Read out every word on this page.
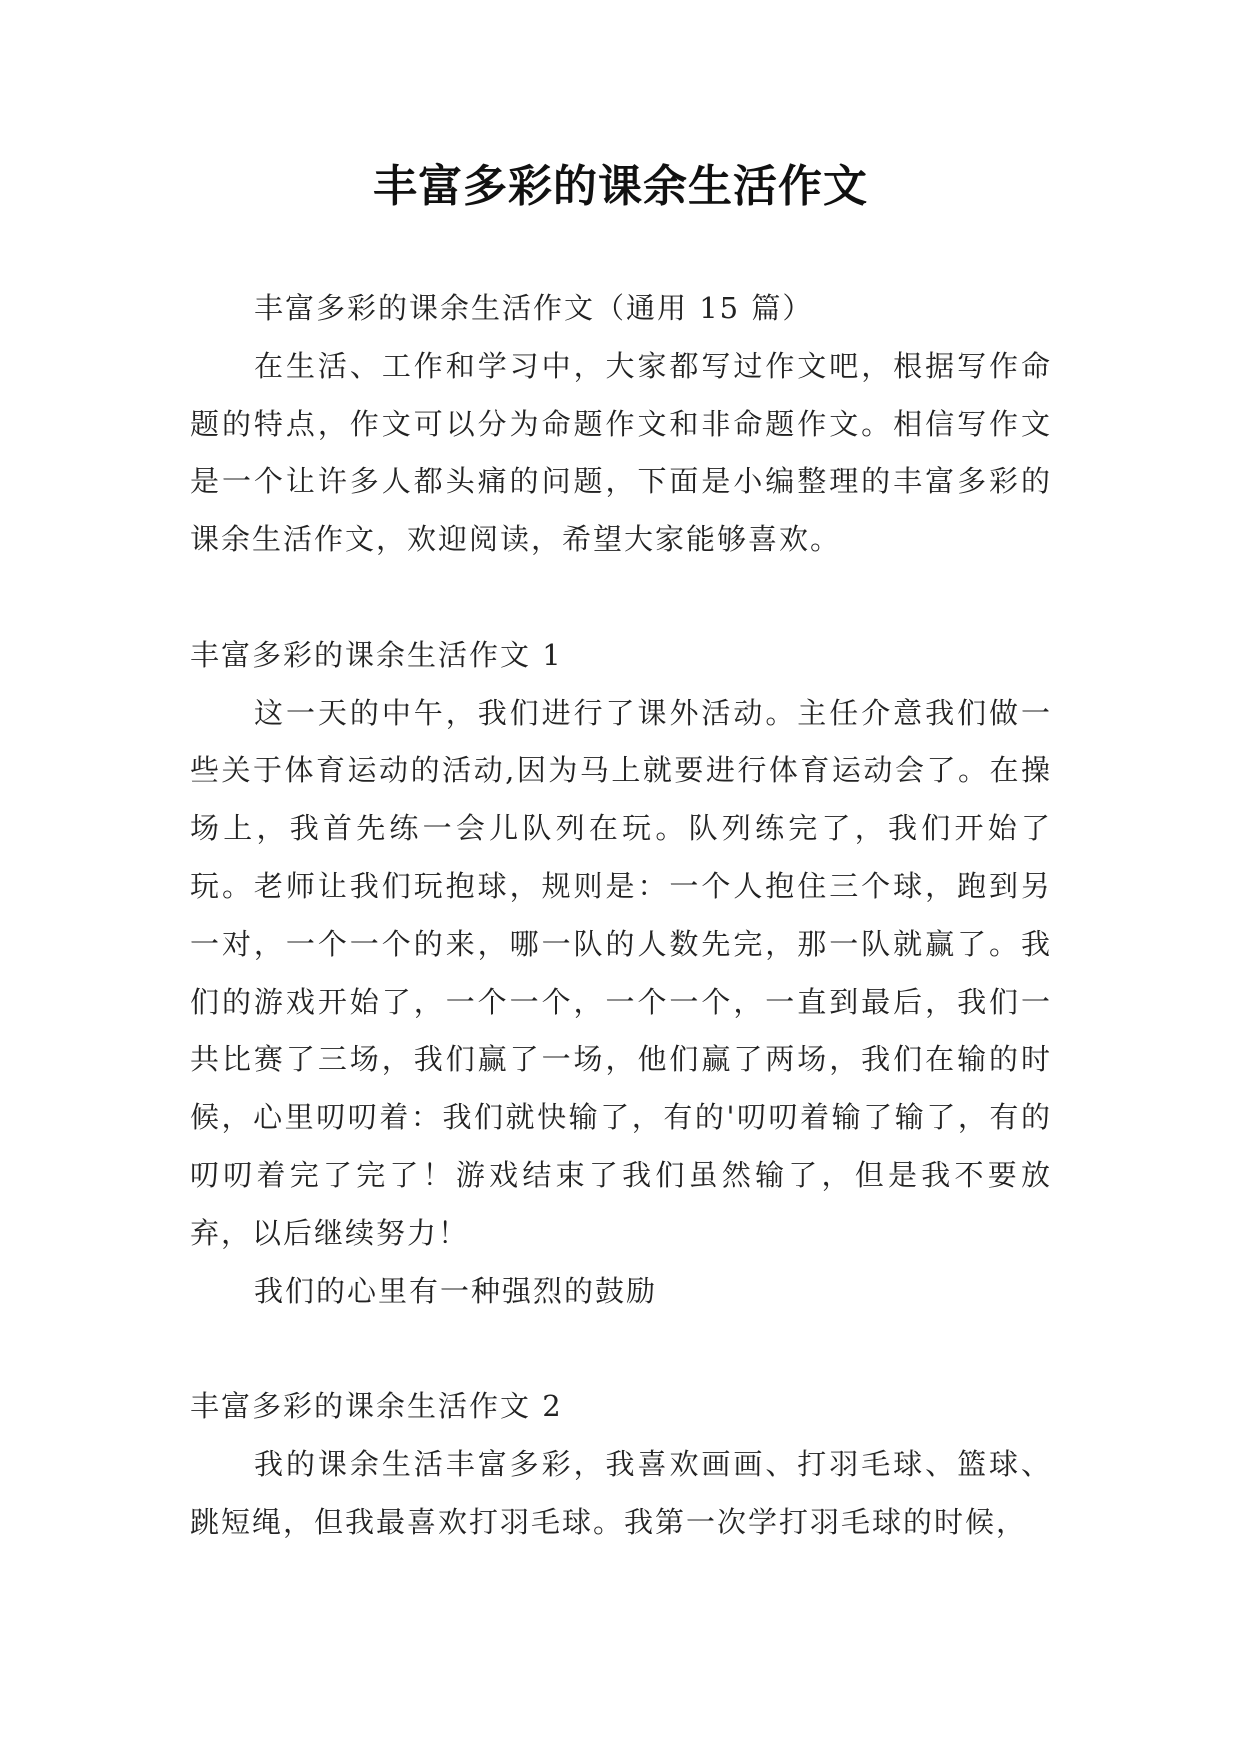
丰富多彩的课余生活作文

丰富多彩的课余生活作文（通用 15 篇）

在生活、工作和学习中，大家都写过作文吧，根据写作命题的特点，作文可以分为命题作文和非命题作文。相信写作文是一个让许多人都头痛的问题，下面是小编整理的丰富多彩的课余生活作文，欢迎阅读，希望大家能够喜欢。

丰富多彩的课余生活作文 1

这一天的中午，我们进行了课外活动。主任介意我们做一些关于体育运动的活动,因为马上就要进行体育运动会了。在操场上，我首先练一会儿队列在玩。队列练完了，我们开始了玩。老师让我们玩抱球，规则是：一个人抱住三个球，跑到另一对，一个一个的来，哪一队的人数先完，那一队就赢了。我们的游戏开始了，一个一个，一个一个，一直到最后，我们一共比赛了三场，我们赢了一场，他们赢了两场，我们在输的时候，心里叨叨着：我们就快输了，有的'叨叨着输了输了，有的叨叨着完了完了！游戏结束了我们虽然输了，但是我不要放弃，以后继续努力！

我们的心里有一种强烈的鼓励

丰富多彩的课余生活作文 2

我的课余生活丰富多彩，我喜欢画画、打羽毛球、篮球、跳短绳，但我最喜欢打羽毛球。我第一次学打羽毛球的时候，
